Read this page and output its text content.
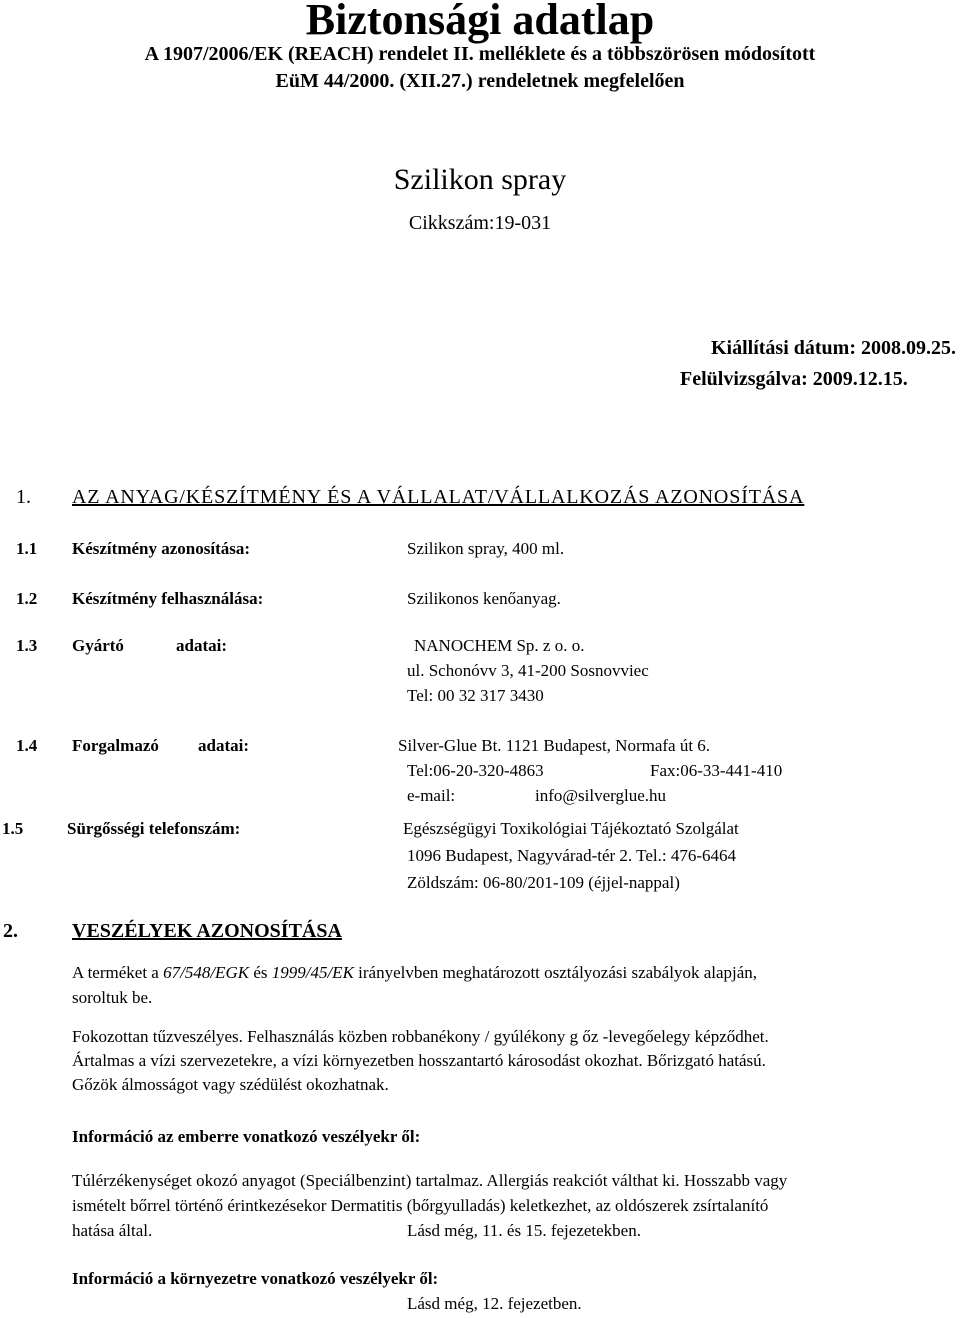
Biztonsági adatlap
A 1907/2006/EK (REACH) rendelet II. melléklete és a többszörösen módosított
EüM 44/2000. (XII.27.) rendeletnek megfelelően
Szilikon spray
Cikkszám:19-031
Kiállítási dátum: 2008.09.25.
Felülvizsgálva: 2009.12.15.
1. AZ ANYAG/KÉSZÍTMÉNY ÉS A VÁLLALAT/VÁLLALKOZÁS AZONOSÍTÁSA
1.1 Készítmény azonosítása:	Szilikon spray, 400 ml.
1.2 Készítmény felhasználása:	Szilikonos kenőanyag.
1.3 Gyártó	adatai:	NANOCHEM Sp. z o. o.
ul. Schonóvv 3, 41-200 Sosnovviec
Tel: 00 32 317 3430
1.4 Forgalmazó adatai:	Silver-Glue Bt. 1121 Budapest, Normafa út 6.
Tel:06-20-320-4863	Fax:06-33-441-410
e-mail:	info@silverglue.hu
1.5	Sürgősségi telefonszám:	Egészségügyi Toxikológiai Tájékoztató Szolgálat
1096 Budapest, Nagyvárad-tér 2. Tel.: 476-6464
Zöldszám: 06-80/201-109 (éjjel-nappal)
2.	VESZÉLYEK AZONOSÍTÁSA
A terméket a 67/548/EGK és 1999/45/EK irányelvben meghatározott osztályozási szabályok alapján,
soroltuk be.
Fokozottan tűzveszélyes. Felhasználás közben robbanékony / gyúlékony g őz -levegőelegy képződhet.
Ártalmas a vízi szervezetekre, a vízi környezetben hosszantartó károsodást okozhat. Bőrizgató hatású.
Gőzök álmosságot vagy szédülést okozhatnak.
Információ az emberre vonatkozó veszélyekr ől:
Túlérzékenységet okozó anyagot (Speciálbenzint) tartalmaz. Allergiás reakciót válthat ki. Hosszabb vagy
ismételt bőrrel történő érintkezésekor Dermatitis (bőrgyulladás) keletkezhet, az oldószerek zsírtalanító
hatása által.	Lásd még, 11. és 15. fejezetekben.
Információ a környezetre vonatkozó veszélyekr ől:
Lásd még, 12. fejezetben.
